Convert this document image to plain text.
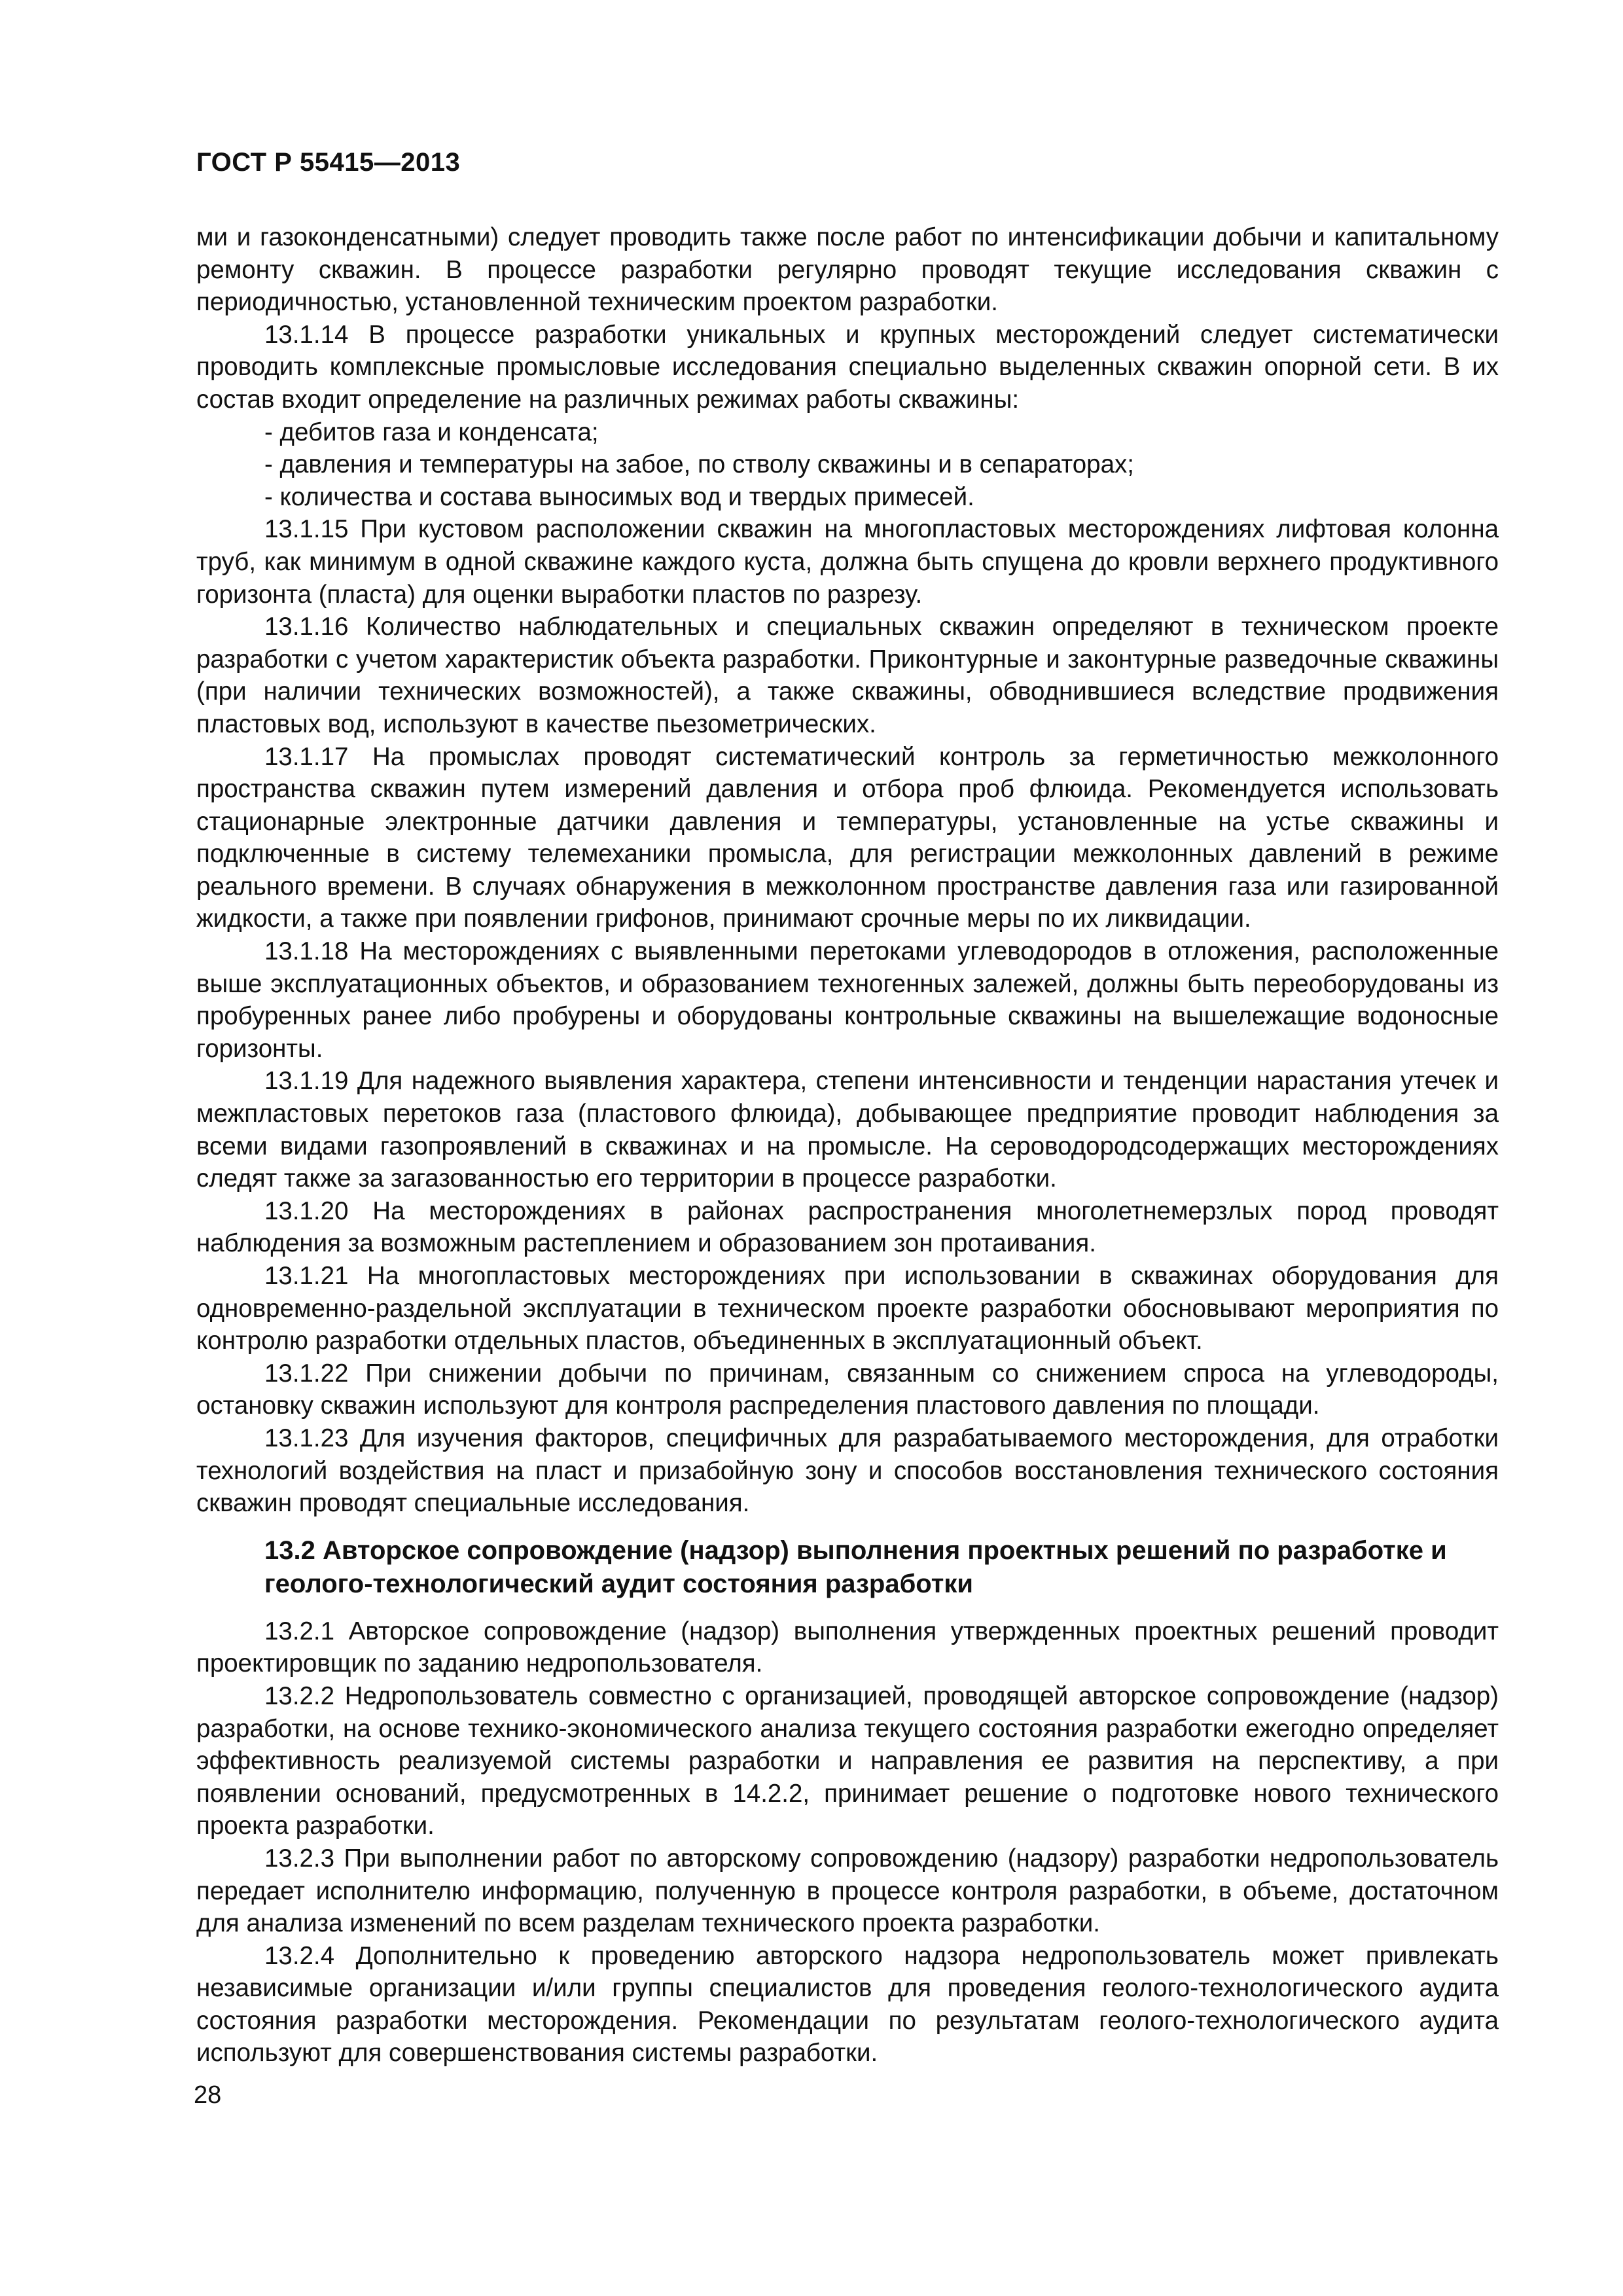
ГОСТ Р 55415—2013

ми и газоконденсатными) следует проводить также после работ по интенсификации добычи и капитальному ремонту скважин. В процессе разработки регулярно проводят текущие исследования скважин с периодичностью, установленной техническим проектом разработки.

13.1.14 В процессе разработки уникальных и крупных месторождений следует систематически проводить комплексные промысловые исследования специально выделенных скважин опорной сети. В их состав входит определение на различных режимах работы скважины:

- дебитов газа и конденсата;

- давления и температуры на забое, по стволу скважины и в сепараторах;

- количества и состава выносимых вод и твердых примесей.

13.1.15 При кустовом расположении скважин на многопластовых месторождениях лифтовая колонна труб, как минимум в одной скважине каждого куста, должна быть спущена до кровли верхнего продуктивного горизонта (пласта) для оценки выработки пластов по разрезу.

13.1.16 Количество наблюдательных и специальных скважин определяют в техническом проекте разработки с учетом характеристик объекта разработки. Приконтурные и законтурные разведочные скважины (при наличии технических возможностей), а также скважины, обводнившиеся вследствие продвижения пластовых вод, используют в качестве пьезометрических.

13.1.17 На промыслах проводят систематический контроль за герметичностью межколонного пространства скважин путем измерений давления и отбора проб флюида. Рекомендуется использовать стационарные электронные датчики давления и температуры, установленные на устье скважины и подключенные в систему телемеханики промысла, для регистрации межколонных давлений в режиме реального времени. В случаях обнаружения в межколонном пространстве давления газа или газированной жидкости, а также при появлении грифонов, принимают срочные меры по их ликвидации.

13.1.18 На месторождениях с выявленными перетоками углеводородов в отложения, расположенные выше эксплуатационных объектов, и образованием техногенных залежей, должны быть переоборудованы из пробуренных ранее либо пробурены и оборудованы контрольные скважины на вышележащие водоносные горизонты.

13.1.19 Для надежного выявления характера, степени интенсивности и тенденции нарастания утечек и межпластовых перетоков газа (пластового флюида), добывающее предприятие проводит наблюдения за всеми видами газопроявлений в скважинах и на промысле. На сероводородсодержащих месторождениях следят также за загазованностью его территории в процессе разработки.

13.1.20 На месторождениях в районах распространения многолетнемерзлых пород проводят наблюдения за возможным растеплением и образованием зон протаивания.

13.1.21 На многопластовых месторождениях при использовании в скважинах оборудования для одновременно-раздельной эксплуатации в техническом проекте разработки обосновывают мероприятия по контролю разработки отдельных пластов, объединенных в эксплуатационный объект.

13.1.22 При снижении добычи по причинам, связанным со снижением спроса на углеводороды, остановку скважин используют для контроля распределения пластового давления по площади.

13.1.23 Для изучения факторов, специфичных для разрабатываемого месторождения, для отработки технологий воздействия на пласт и призабойную зону и способов восстановления технического состояния скважин проводят специальные исследования.

13.2 Авторское сопровождение (надзор) выполнения проектных решений по разработке и геолого-технологический аудит состояния разработки

13.2.1 Авторское сопровождение (надзор) выполнения утвержденных проектных решений проводит проектировщик по заданию недропользователя.

13.2.2 Недропользователь совместно с организацией, проводящей авторское сопровождение (надзор) разработки, на основе технико-экономического анализа текущего состояния разработки ежегодно определяет эффективность реализуемой системы разработки и направления ее развития на перспективу, а при появлении оснований, предусмотренных в 14.2.2, принимает решение о подготовке нового технического проекта разработки.

13.2.3 При выполнении работ по авторскому сопровождению (надзору) разработки недропользователь передает исполнителю информацию, полученную в процессе контроля разработки, в объеме, достаточном для анализа изменений по всем разделам технического проекта разработки.

13.2.4 Дополнительно к проведению авторского надзора недропользователь может привлекать независимые организации и/или группы специалистов для проведения геолого-технологического аудита состояния разработки месторождения. Рекомендации по результатам геолого-технологического аудита используют для совершенствования системы разработки.

28
